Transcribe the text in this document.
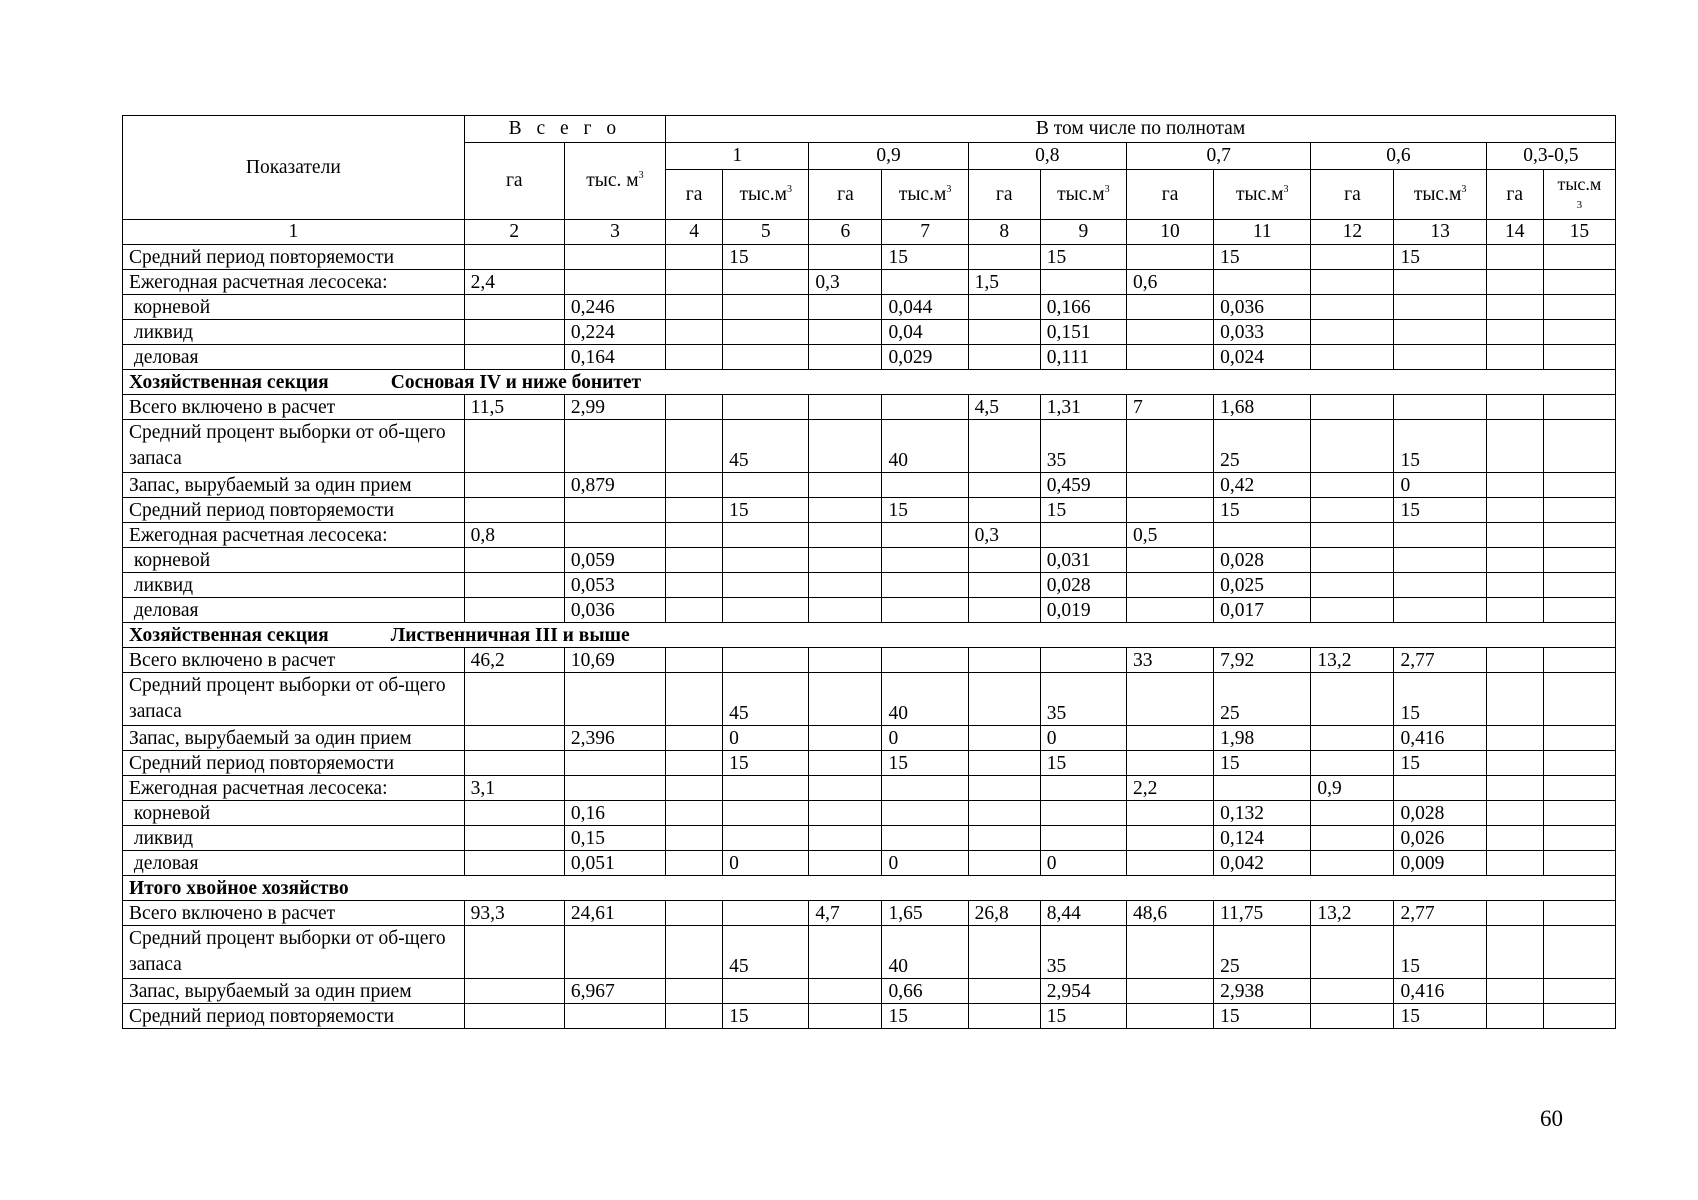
Показатели	В с е г о		В том числе по полнотам											
	га	тыс. $м^3$	1		0,9		0,8		0,7		0,6		0,3-0,5	
			га	$тыс.м^3$	га	$тыс.м^3$	га	$тыс.м^3$	га	$тыс.м^3$	га	$тыс.м^3$	га	тыс.м
3
1	2	3	4	5	6	7	8	9	10	11	12	13	14	15
Средний период повторяемости				15		15		15		15		15		
Ежегодная расчетная лесосека:	2,4				0,3		1,5		0,6					
корневой		0,246				0,044		0,166		0,036				
ликвид		0,224				0,04		0,151		0,033				
деловая		0,164				0,029		0,111		0,024				
Хозяйственная секция Сосновая IV и ниже бонитет														
Всего включено в расчет	11,5	2,99					4,5	1,31	7	1,68				
Средний процент выборки от об-щего запаса				45		40		35		25		15		
Запас, вырубаемый за один прием		0,879						0,459		0,42		0		
Средний период повторяемости				15		15		15		15		15		
Ежегодная расчетная лесосека:	0,8						0,3		0,5					
корневой		0,059						0,031		0,028				
ликвид		0,053						0,028		0,025				
деловая		0,036						0,019		0,017				
Хозяйственная секция Лиственничная III и выше														
Всего включено в расчет	46,2	10,69							33	7,92	13,2	2,77		
Средний процент выборки от об-щего запаса				45		40		35		25		15		
Запас, вырубаемый за один прием		2,396		0		0		0		1,98		0,416		
Средний период повторяемости				15		15		15		15		15		
Ежегодная расчетная лесосека:	3,1								2,2		0,9			
корневой		0,16								0,132		0,028		
ликвид		0,15								0,124		0,026		
деловая		0,051		0		0		0		0,042		0,009		
Итого хвойное хозяйство														
Всего включено в расчет	93,3	24,61			4,7	1,65	26,8	8,44	48,6	11,75	13,2	2,77		
Средний процент выборки от об-щего запаса				45		40		35		25		15		
Запас, вырубаемый за один прием		6,967				0,66		2,954		2,938		0,416		
Средний период повторяемости				15		15		15		15		15		
60
